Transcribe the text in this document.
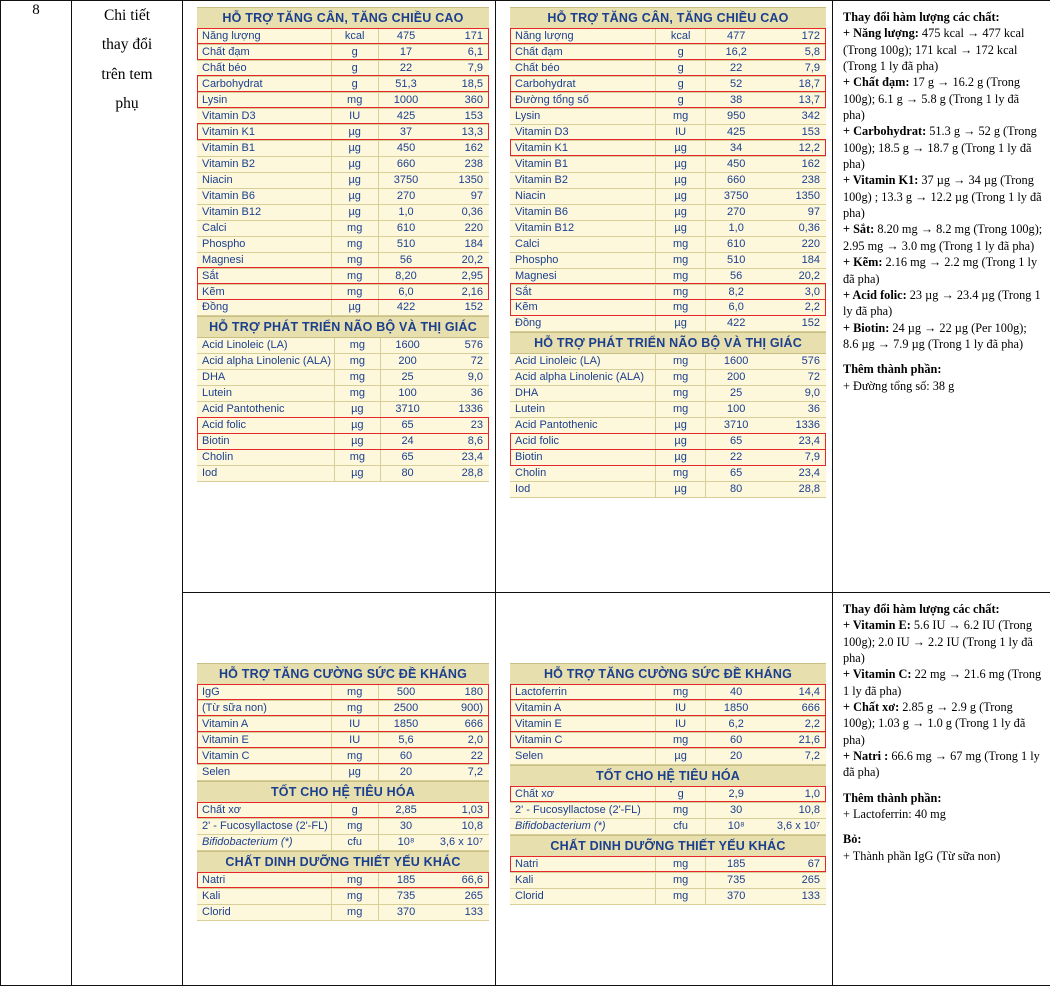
8	Chi tiết
thay đổi
trên tem
phụ

HỖ TRỢ TĂNG CÂN, TĂNG CHIỀU CAO
Năng lượng	kcal	475	171
Chất đạm	g	17	6,1
Chất béo	g	22	7,9
Carbohydrat	g	51,3	18,5
Lysin	mg	1000	360
Vitamin D3	IU	425	153
Vitamin K1	µg	37	13,3
Vitamin B1	µg	450	162
Vitamin B2	µg	660	238
Niacin	µg	3750	1350
Vitamin B6	µg	270	97
Vitamin B12	µg	1,0	0,36
Calci	mg	610	220
Phospho	mg	510	184
Magnesi	mg	56	20,2
Sắt	mg	8,20	2,95
Kẽm	mg	6,0	2,16
Đồng	µg	422	152
HỖ TRỢ PHÁT TRIỂN NÃO BỘ VÀ THỊ GIÁC
Acid Linoleic (LA)	mg	1600	576
Acid alpha Linolenic (ALA)	mg	200	72
DHA	mg	25	9,0
Lutein	mg	100	36
Acid Pantothenic	µg	3710	1336
Acid folic	µg	65	23
Biotin	µg	24	8,6
Cholin	mg	65	23,4
Iod	µg	80	28,8

HỖ TRỢ TĂNG CÂN, TĂNG CHIỀU CAO
Năng lượng	kcal	477	172
Chất đạm	g	16,2	5,8
Chất béo	g	22	7,9
Carbohydrat	g	52	18,7
Đường tổng số	g	38	13,7
Lysin	mg	950	342
Vitamin D3	IU	425	153
Vitamin K1	µg	34	12,2
Vitamin B1	µg	450	162
Vitamin B2	µg	660	238
Niacin	µg	3750	1350
Vitamin B6	µg	270	97
Vitamin B12	µg	1,0	0,36
Calci	mg	610	220
Phospho	mg	510	184
Magnesi	mg	56	20,2
Sắt	mg	8,2	3,0
Kẽm	mg	6,0	2,2
Đồng	µg	422	152
HỖ TRỢ PHÁT TRIỂN NÃO BỘ VÀ THỊ GIÁC
Acid Linoleic (LA)	mg	1600	576
Acid alpha Linolenic (ALA)	mg	200	72
DHA	mg	25	9,0
Lutein	mg	100	36
Acid Pantothenic	µg	3710	1336
Acid folic	µg	65	23,4
Biotin	µg	22	7,9
Cholin	mg	65	23,4
Iod	µg	80	28,8

Thay đổi hàm lượng các chất:

+ Năng lượng: 475 kcal → 477 kcal (Trong 100g); 171 kcal → 172 kcal (Trong 1 ly đã pha)

+ Chất đạm: 17 g → 16.2 g (Trong 100g); 6.1 g → 5.8 g (Trong 1 ly đã pha)

+ Carbohydrat: 51.3 g → 52 g (Trong 100g); 18.5 g → 18.7 g (Trong 1 ly đã pha)

+ Vitamin K1: 37 µg → 34 µg (Trong 100g) ; 13.3 g → 12.2 µg (Trong 1 ly đã pha)

+ Sắt: 8.20 mg → 8.2 mg (Trong 100g); 2.95 mg → 3.0 mg (Trong 1 ly đã pha)

+ Kẽm: 2.16 mg → 2.2 mg (Trong 1 ly đã pha)

+ Acid folic: 23 µg → 23.4 µg (Trong 1 ly đã pha)

+ Biotin: 24 µg → 22 µg (Per 100g); 8.6 µg → 7.9 µg (Trong 1 ly đã pha)

Thêm thành phần:

+ Đường tổng số: 38 g

HỖ TRỢ TĂNG CƯỜNG SỨC ĐỀ KHÁNG
IgG	mg	500	180
(Từ sữa non)	mg	2500	900)
Vitamin A	IU	1850	666
Vitamin E	IU	5,6	2,0
Vitamin C	mg	60	22
Selen	µg	20	7,2
TỐT CHO HỆ TIÊU HÓA
Chất xơ	g	2,85	1,03
2' - Fucosyllactose (2'-FL)	mg	30	10,8
Bifidobacterium (*)	cfu	10⁸	3,6 x 10⁷
CHẤT DINH DƯỠNG THIẾT YẾU KHÁC
Natri	mg	185	66,6
Kali	mg	735	265
Clorid	mg	370	133

HỖ TRỢ TĂNG CƯỜNG SỨC ĐỀ KHÁNG
Lactoferrin	mg	40	14,4
Vitamin A	IU	1850	666
Vitamin E	IU	6,2	2,2
Vitamin C	mg	60	21,6
Selen	µg	20	7,2
TỐT CHO HỆ TIÊU HÓA
Chất xơ	g	2,9	1,0
2' - Fucosyllactose (2'-FL)	mg	30	10,8
Bifidobacterium (*)	cfu	10⁸	3,6 x 10⁷
CHẤT DINH DƯỠNG THIẾT YẾU KHÁC
Natri	mg	185	67
Kali	mg	735	265
Clorid	mg	370	133

Thay đổi hàm lượng các chất:

+ Vitamin E: 5.6 IU → 6.2 IU (Trong 100g); 2.0 IU → 2.2 IU (Trong 1 ly đã pha)

+ Vitamin C: 22 mg → 21.6 mg (Trong 1 ly đã pha)

+ Chất xơ: 2.85 g → 2.9 g (Trong 100g); 1.03 g → 1.0 g (Trong 1 ly đã pha)

+ Natri : 66.6 mg → 67 mg (Trong 1 ly đã pha)

Thêm thành phần:

+ Lactoferrin: 40 mg

Bỏ:

+ Thành phần IgG (Từ sữa non)
